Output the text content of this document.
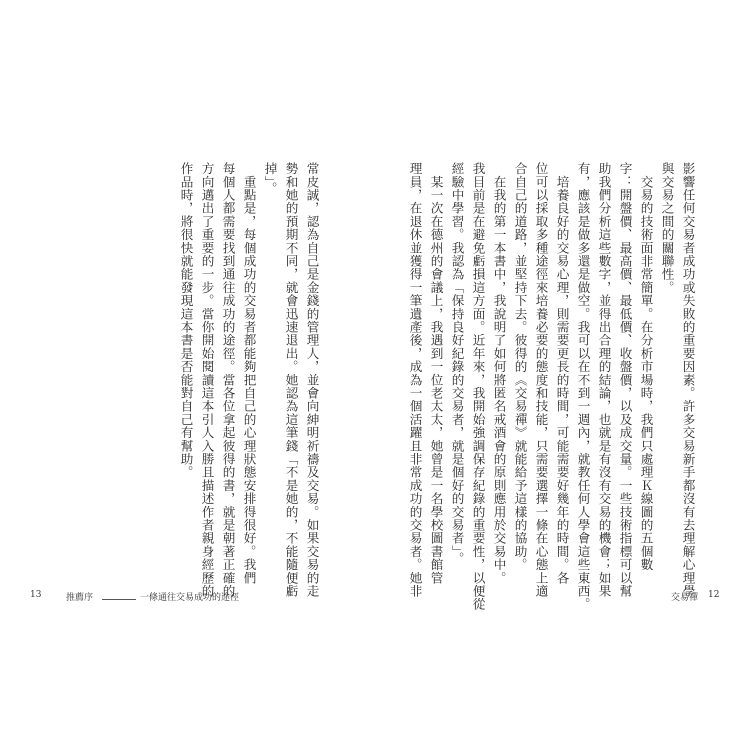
影響任何交易者成功或失敗的重要因素。許多交易新手都沒有去理解心理學
與交易之間的關聯性。
　交易的技術面非常簡單。在分析市場時，我們只處理Ｋ線圖的五個數
字：開盤價、最高價、最低價、收盤價，以及成交量。一些技術指標可以幫
助我們分析這些數字，並得出合理的結論，也就是有沒有交易的機會；如果
有，應該是做多還是做空。我可以在不到一週內，就教任何人學會這些東西。
　培養良好的交易心理，則需要更長的時間，可能需要好幾年的時間。各
位可以採取多種途徑來培養必要的態度和技能，只需要選擇一條在心態上適
合自己的道路，並堅持下去。彼得的《交易禪》就能給予這樣的協助。
　在我的第一本書中，我說明了如何將匿名戒酒會的原則應用於交易中。
我目前是在避免虧損這方面。近年來，我開始強調保存紀錄的重要性，以便從
經驗中學習。我認為「保持良好紀錄的交易者，就是個好的交易者」。
　某一次在德州的會議上，我遇到一位老太太，她曾是一名學校圖書館管
理員，在退休並獲得一筆遺產後，成為一個活躍且非常成功的交易者。她非
常皮誠，認為自己是金錢的管理人，並會向紳明祈禱及交易。如果交易的走
勢和她的預期不同，就會迅速退出。她認為這筆錢「不是她的，不能隨便虧
掉」。
　重點是，每個成功的交易者都能夠把自己的心理狀態安排得很好。我們
每個人都需要找到通往成功的途徑。當各位拿起彼得的書，就是朝著正確的
方向邁出了重要的一步。當你開始閱讀這本引人入勝且描述作者親身經歷的
作品時，將很快就能發現這本書是否能對自己有幫助。
13	推薦序	一條通往交易成功的途徑	交易禪 12
